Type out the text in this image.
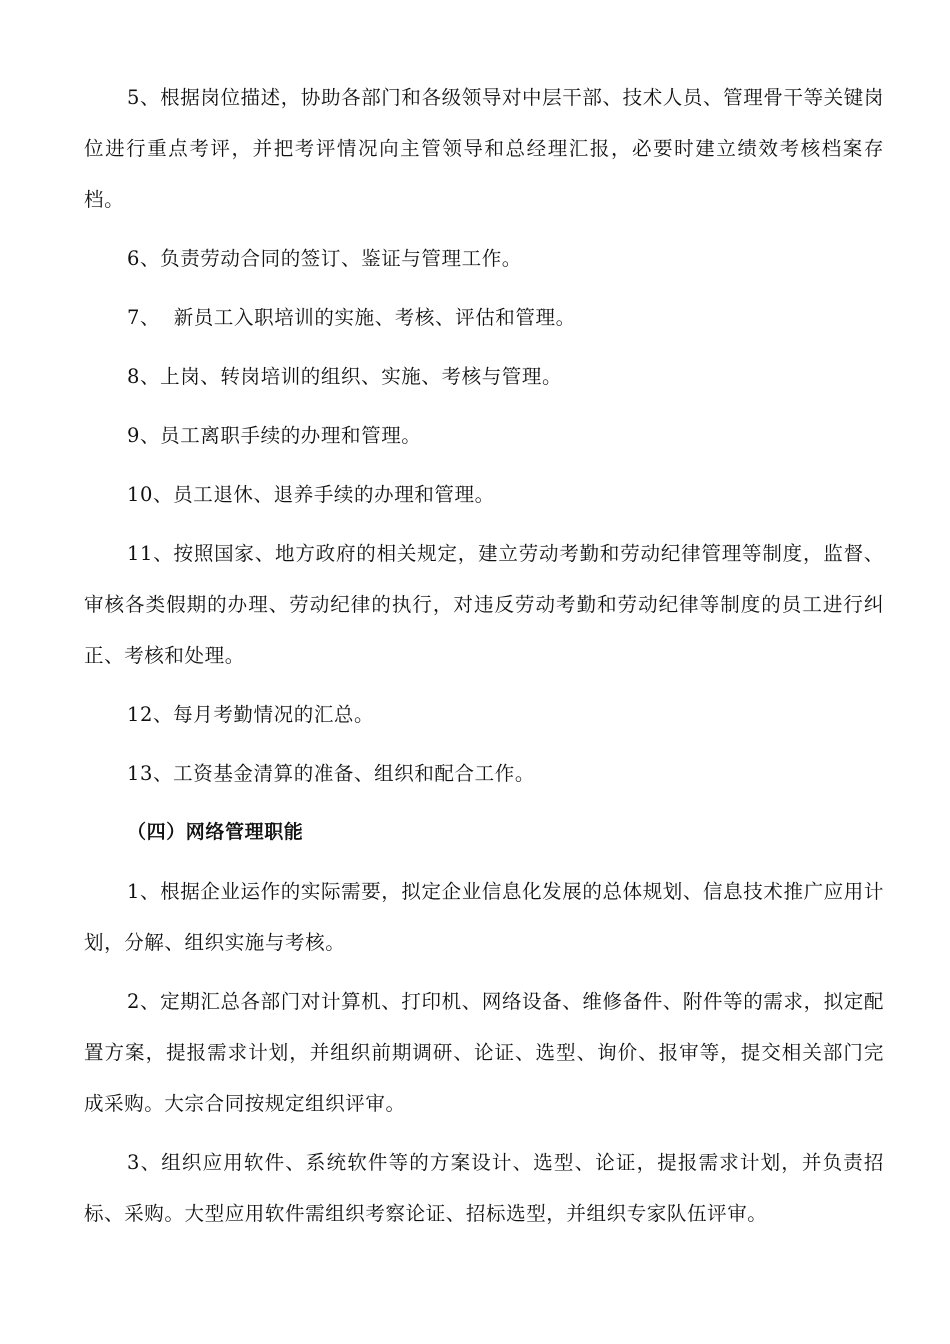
5、根据岗位描述，协助各部门和各级领导对中层干部、技术人员、管理骨干等关键岗位进行重点考评，并把考评情况向主管领导和总经理汇报，必要时建立绩效考核档案存档。

6、负责劳动合同的签订、鉴证与管理工作。

7、  新员工入职培训的实施、考核、评估和管理。

8、上岗、转岗培训的组织、实施、考核与管理。

9、员工离职手续的办理和管理。

10、员工退休、退养手续的办理和管理。

11、按照国家、地方政府的相关规定，建立劳动考勤和劳动纪律管理等制度，监督、审核各类假期的办理、劳动纪律的执行，对违反劳动考勤和劳动纪律等制度的员工进行纠正、考核和处理。

12、每月考勤情况的汇总。

13、工资基金清算的准备、组织和配合工作。

（四）网络管理职能

1、根据企业运作的实际需要，拟定企业信息化发展的总体规划、信息技术推广应用计划，分解、组织实施与考核。

2、定期汇总各部门对计算机、打印机、网络设备、维修备件、附件等的需求，拟定配置方案，提报需求计划，并组织前期调研、论证、选型、询价、报审等，提交相关部门完成采购。大宗合同按规定组织评审。

3、组织应用软件、系统软件等的方案设计、选型、论证，提报需求计划，并负责招标、采购。大型应用软件需组织考察论证、招标选型，并组织专家队伍评审。
